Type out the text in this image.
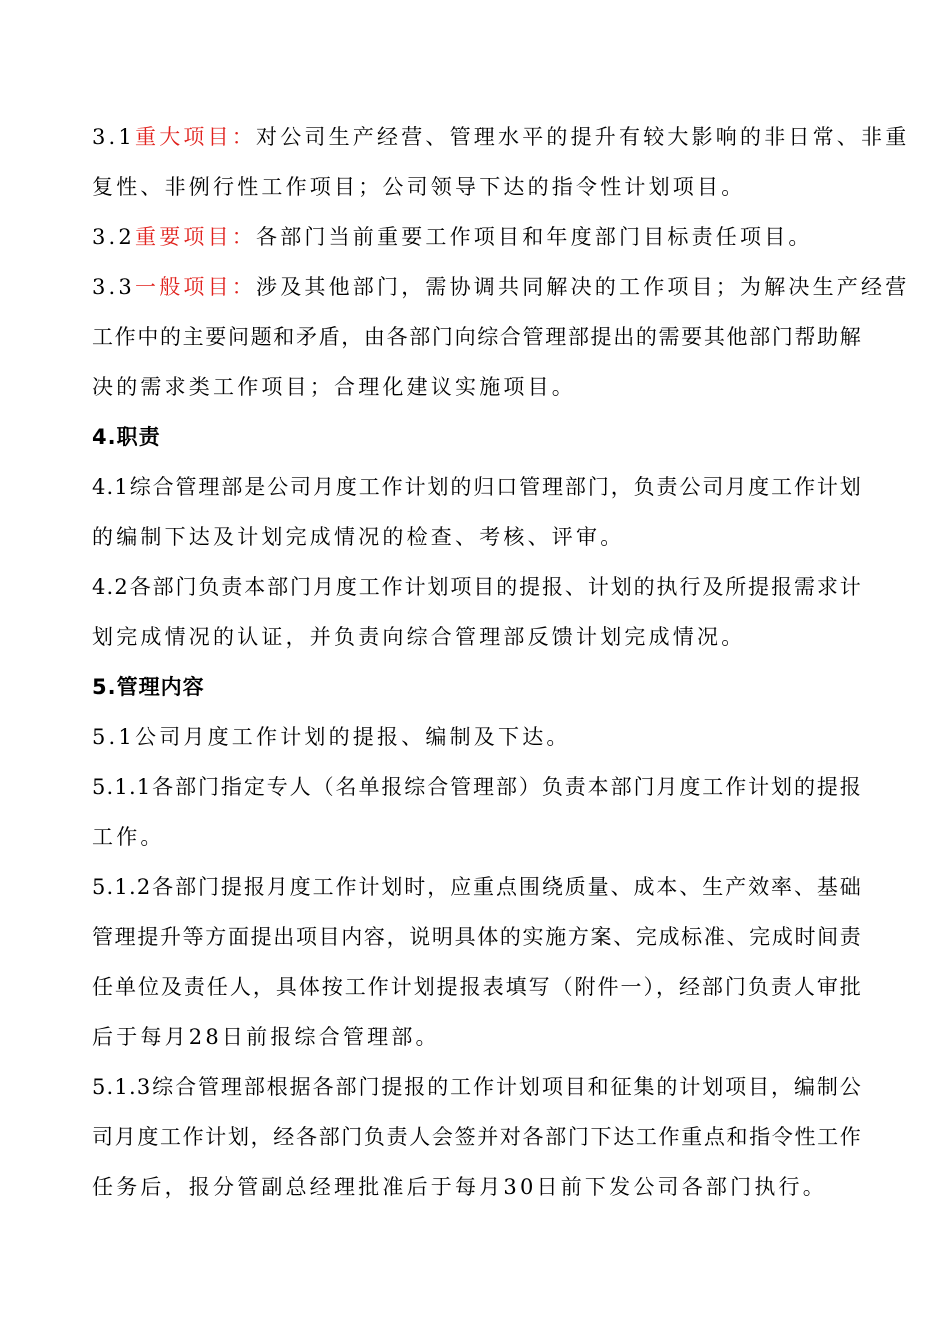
3.1重大项目：对公司生产经营、管理水平的提升有较大影响的非日常、非重
复性、非例行性工作项目；公司领导下达的指令性计划项目。
3.2重要项目：各部门当前重要工作项目和年度部门目标责任项目。
3.3一般项目：涉及其他部门，需协调共同解决的工作项目；为解决生产经营
工作中的主要问题和矛盾，由各部门向综合管理部提出的需要其他部门帮助解
决的需求类工作项目；合理化建议实施项目。
4.职责
4.1综合管理部是公司月度工作计划的归口管理部门，负责公司月度工作计划
的编制下达及计划完成情况的检查、考核、评审。
4.2各部门负责本部门月度工作计划项目的提报、计划的执行及所提报需求计
划完成情况的认证，并负责向综合管理部反馈计划完成情况。
5.管理内容
5.1公司月度工作计划的提报、编制及下达。
5.1.1各部门指定专人（名单报综合管理部）负责本部门月度工作计划的提报
工作。
5.1.2各部门提报月度工作计划时，应重点围绕质量、成本、生产效率、基础
管理提升等方面提出项目内容，说明具体的实施方案、完成标准、完成时间责
任单位及责任人，具体按工作计划提报表填写（附件一），经部门负责人审批
后于每月28日前报综合管理部。
5.1.3综合管理部根据各部门提报的工作计划项目和征集的计划项目，编制公
司月度工作计划，经各部门负责人会签并对各部门下达工作重点和指令性工作
任务后，报分管副总经理批准后于每月30日前下发公司各部门执行。
